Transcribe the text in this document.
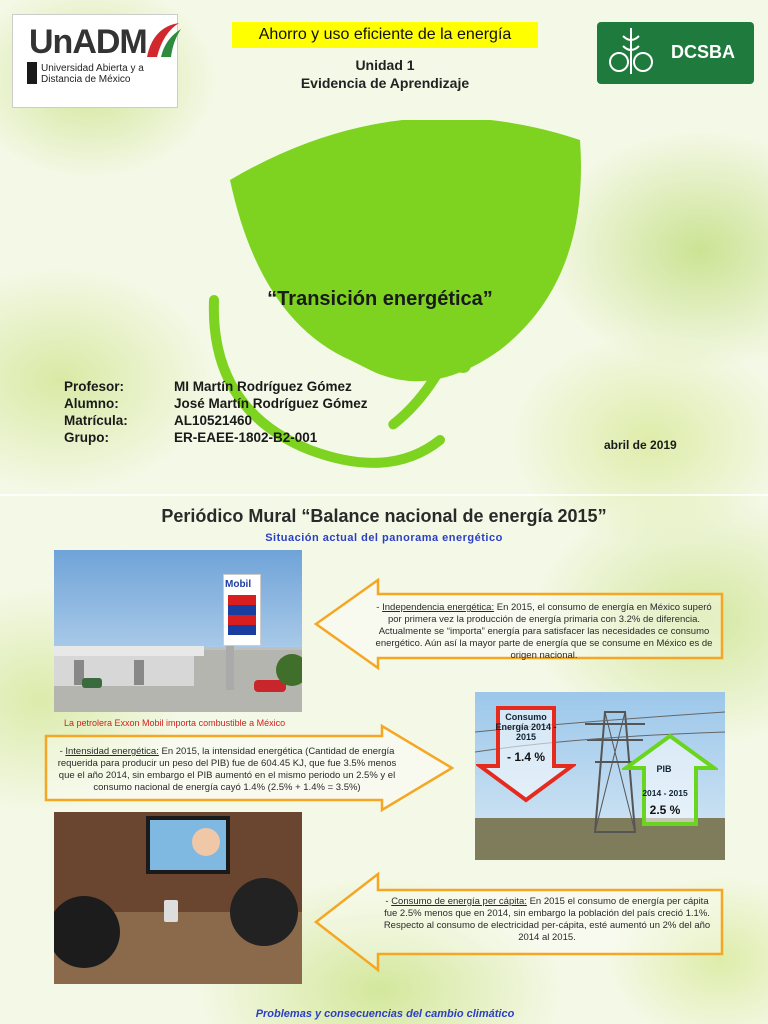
UnADM
Universidad Abierta y a Distancia de México
Ahorro y uso eficiente de la energía
Unidad 1
Evidencia de Aprendizaje
DCSBA
“Transición energética”
Profesor:	MI Martín Rodríguez Gómez
Alumno:	José Martín Rodríguez Gómez
Matrícula:	AL10521460
Grupo:	ER-EAEE-1802-B2-001	abril de 2019
Periódico Mural “Balance nacional de energía 2015”
Situación actual del panorama energético
Mobil
La petrolera Exxon Mobil importa combustible a México
- Independencia energética: En 2015, el consumo de energía en México superó por primera vez la producción de energía primaria con 3.2% de diferencia. Actualmente se “importa” energía para satisfacer las necesidades ce consumo energético. Aún así la mayor parte de energía que se consume en México es de origen nacional.
- Intensidad energética: En 2015, la intensidad energética (Cantidad de energía requerida para producir un peso del PIB) fue de 604.45 KJ, que fue 3.5% menos que el año 2014, sin embargo el PIB aumentó en el mismo periodo un 2.5% y el consumo nacional de energía cayó 1.4% (2.5% + 1.4% = 3.5%)
Consumo Energía 2014 - 2015
- 1.4 %
PIB
2014 - 2015
2.5 %
- Consumo de energía per cápita: En 2015 el consumo de energía per cápita fue 2.5% menos que en 2014, sin embargo la población del país creció 1.1%. Respecto al consumo de electricidad per-cápita, esté aumentó un 2% del año 2014 al 2015.
Problemas y consecuencias del cambio climático
